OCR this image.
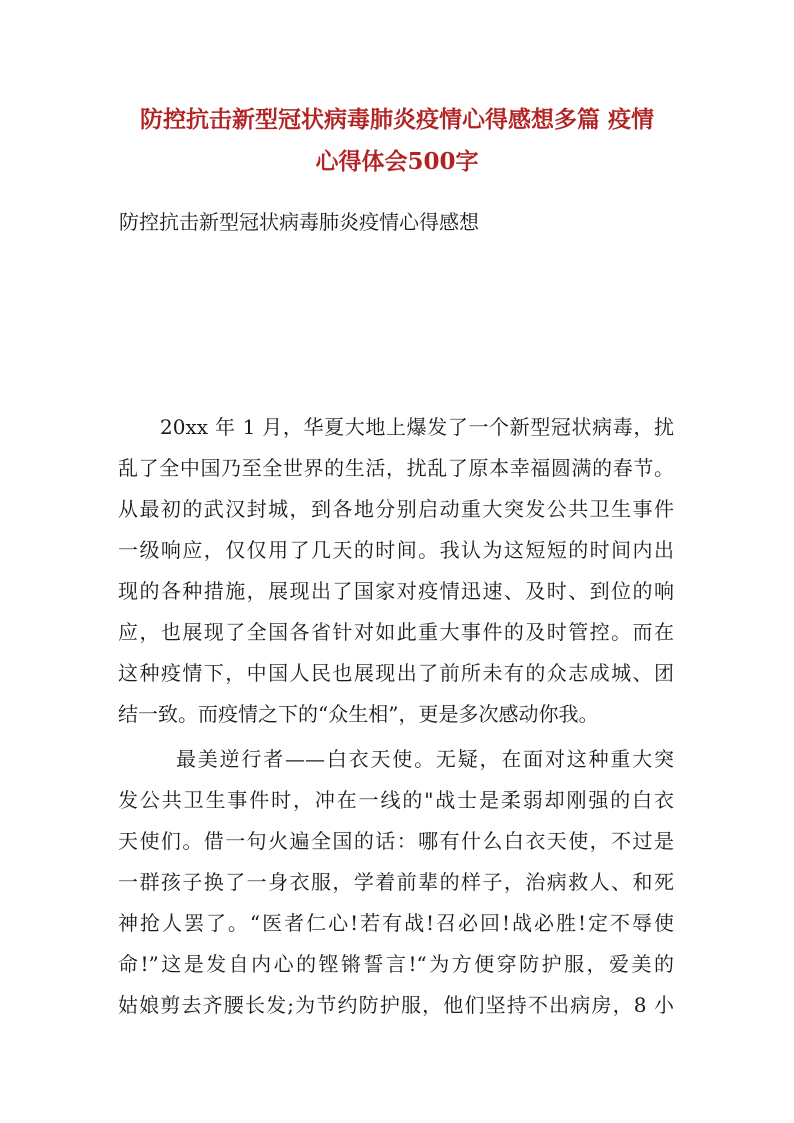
防控抗击新型冠状病毒肺炎疫情心得感想多篇 疫情
心得体会500字
防控抗击新型冠状病毒肺炎疫情心得感想
20xx 年 1 月，华夏大地上爆发了一个新型冠状病毒，扰
乱了全中国乃至全世界的生活，扰乱了原本幸福圆满的春节。
从最初的武汉封城，到各地分别启动重大突发公共卫生事件
一级响应，仅仅用了几天的时间。我认为这短短的时间内出
现的各种措施，展现出了国家对疫情迅速、及时、到位的响
应，也展现了全国各省针对如此重大事件的及时管控。而在
这种疫情下，中国人民也展现出了前所未有的众志成城、团
结一致。而疫情之下的“众生相”，更是多次感动你我。
最美逆行者——白衣天使。无疑，在面对这种重大突
发公共卫生事件时，冲在一线的"战士是柔弱却刚强的白衣
天使们。借一句火遍全国的话：哪有什么白衣天使，不过是
一群孩子换了一身衣服，学着前辈的样子，治病救人、和死
神抢人罢了。“医者仁心!若有战!召必回!战必胜!定不辱使
命!”这是发自内心的铿锵誓言!“为方便穿防护服，爱美的
姑娘剪去齐腰长发;为节约防护服，他们坚持不出病房，8 小
